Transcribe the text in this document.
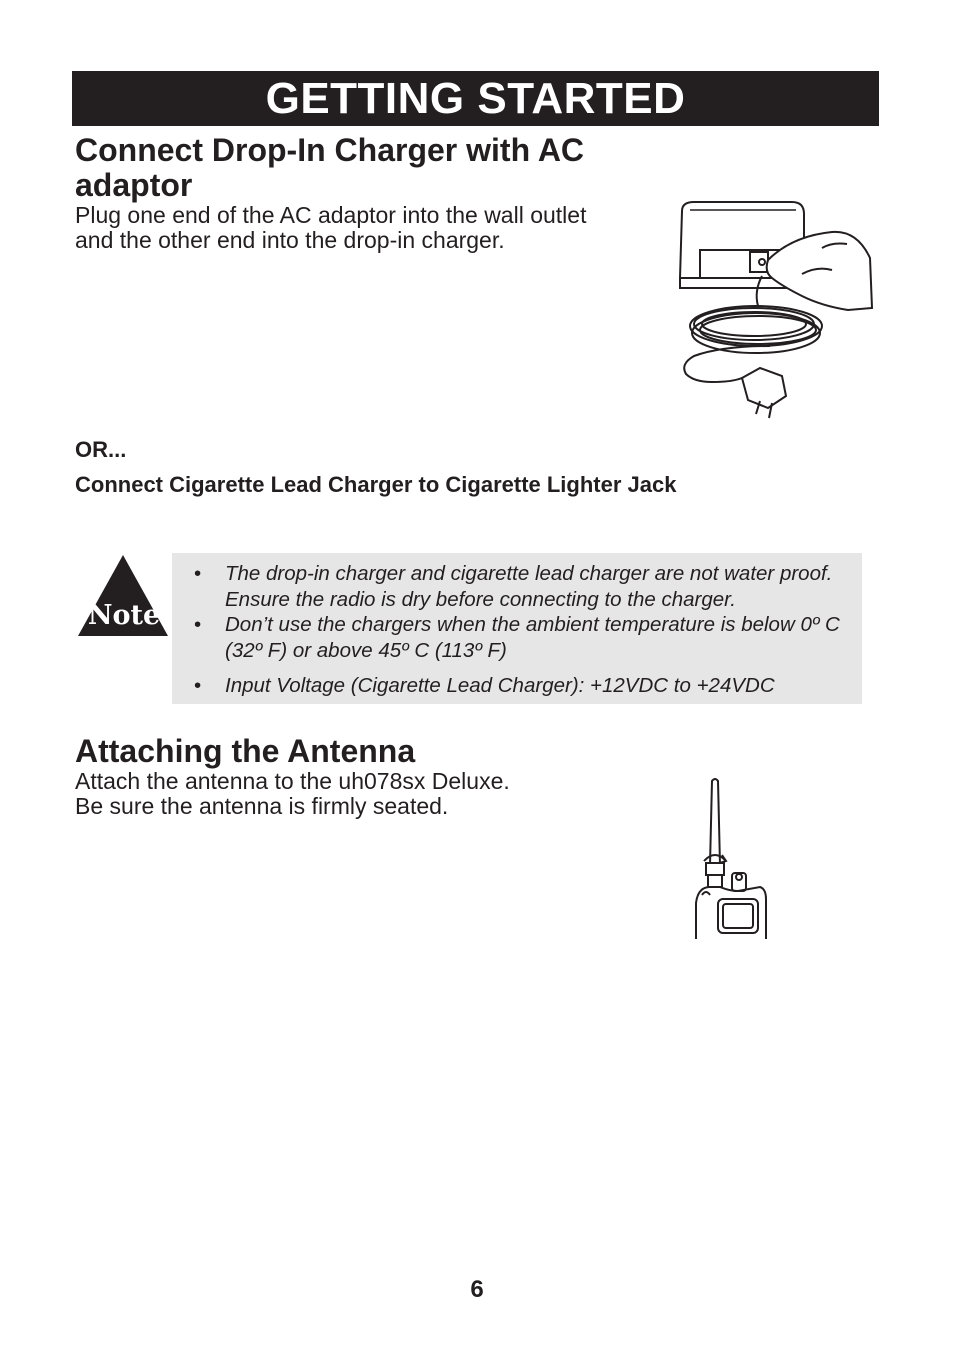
GETTING STARTED

Connect Drop-In Charger with AC

adaptor

Plug one end of the AC adaptor into the wall outlet

and the other end into the drop-in charger.

OR...

Connect Cigarette Lead Charger to Cigarette Lighter Jack

Note
• The drop-in charger and cigarette lead charger are not water proof. Ensure the radio is dry before connecting to the charger.
• Don’t use the chargers when the ambient temperature is below 0º C (32º F) or above 45º C (113º F)
• Input Voltage (Cigarette Lead Charger): +12VDC to +24VDC

Attaching the Antenna

Attach the antenna to the uh078sx Deluxe.

Be sure the antenna is firmly seated.

6
